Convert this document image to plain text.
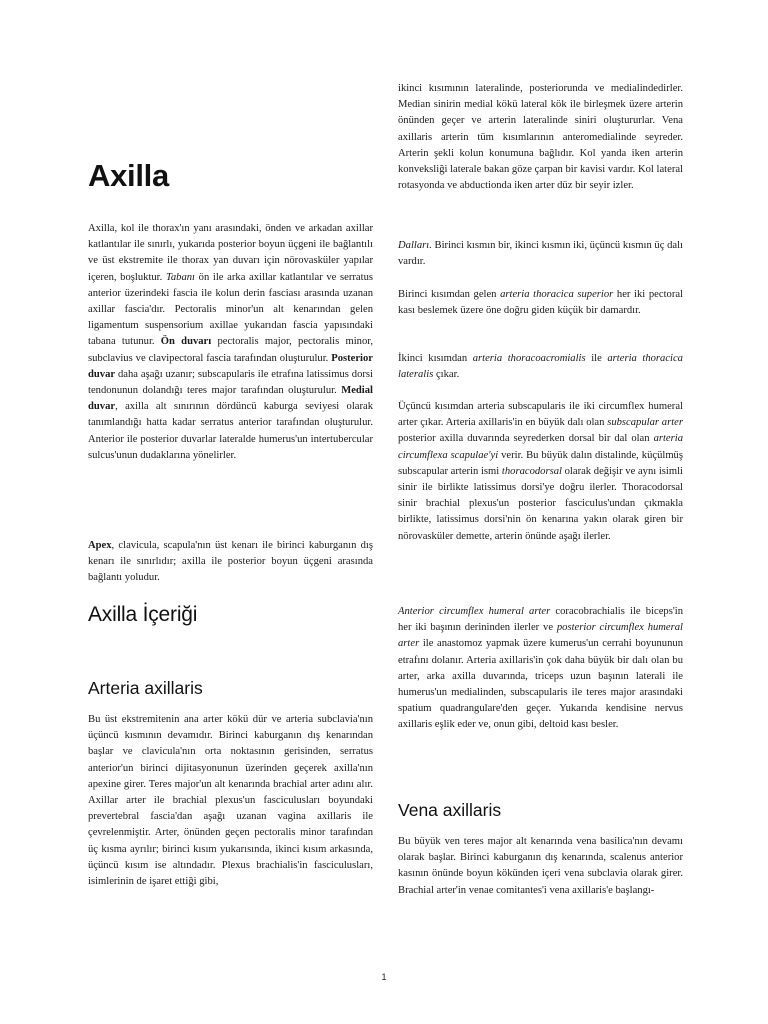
Axilla

Axilla, kol ile thorax'ın yanı arasındaki, önden ve arkadan axillar katlantılar ile sınırlı, yukarıda posterior boyun üçgeni ile bağlantılı ve üst ekstremite ile thorax yan duvarı için nörovasküler yapılar içeren, boşluktur. Tabanı ön ile arka axillar katlantılar ve serratus anterior üzerindeki fascia ile kolun derin fasciası arasında uzanan axillar fascia'dır. Pectoralis minor'un alt kenarından gelen ligamentum suspensorium axillae yukarıdan fascia yapısındaki tabana tutunur. Ön duvarı pectoralis major, pectoralis minor, subclavius ve clavipectoral fascia tarafından oluşturulur. Posterior duvar daha aşağı uzanır; subscapularis ile etrafına latissimus dorsi tendonunun dolandığı teres major tarafından oluşturulur. Medial duvar, axilla alt sınırının dördüncü kaburga seviyesi olarak tanımlandığı hatta kadar serratus anterior tarafından oluşturulur. Anterior ile posterior duvarlar lateralde humerus'un intertubercular sulcus'unun dudaklarına yönelirler.

Apex, clavicula, scapula'nın üst kenarı ile birinci kaburganın dış kenarı ile sınırlıdır; axilla ile posterior boyun üçgeni arasında bağlantı yoludur.

Axilla İçeriği
Arteria axillaris

Bu üst ekstremitenin ana arter kökü dür ve arteria subclavia'nın üçüncü kısmının devamıdır. Birinci kaburganın dış kenarından başlar ve clavicula'nın orta noktasının gerisinden, serratus anterior'un birinci dijitasyonunun üzerinden geçerek axilla'nın apexine girer. Teres major'un alt kenarında brachial arter adını alır. Axillar arter ile brachial plexus'un fasciculusları boyundaki prevertebral fascia'dan aşağı uzanan vagina axillaris ile çevrelenmiştir. Arter, önünden geçen pectoralis minor tarafından üç kısma ayrılır; birinci kısım yukarısında, ikinci kısım arkasında, üçüncü kısım ise altındadır. Plexus brachialis'in fasciculusları, isimlerinin de işaret ettiği gibi,

ikinci kısımının lateralinde, posteriorunda ve medialindedirler. Median sinirin medial kökü lateral kök ile birleşmek üzere arterin önünden geçer ve arterin lateralinde siniri oluştururlar. Vena axillaris arterin tüm kısımlarının anteromedialinde seyreder. Arterin şekli kolun konumuna bağlıdır. Kol yanda iken arterin konveksliği laterale bakan göze çarpan bir kavisi vardır. Kol lateral rotasyonda ve abductionda iken arter düz bir seyir izler.

Dalları. Birinci kısmın bir, ikinci kısmın iki, üçüncü kısmın üç dalı vardır.

Birinci kısımdan gelen arteria thoracica superior her iki pectoral kası beslemek üzere öne doğru giden küçük bir damardır.

İkinci kısımdan arteria thoracoacromialis ile arteria thoracica lateralis çıkar.

Üçüncü kısımdan arteria subscapularis ile iki circumflex humeral arter çıkar. Arteria axillaris'in en büyük dalı olan subscapular arter posterior axilla duvarında seyrederken dorsal bir dal olan arteria circumflexa scapulae'yi verir. Bu büyük dalın distalinde, küçülmüş subscapular arterin ismi thoracodorsal olarak değişir ve aynı isimli sinir ile birlikte latissimus dorsi'ye doğru ilerler. Thoracodorsal sinir brachial plexus'un posterior fasciculus'undan çıkmakla birlikte, latissimus dorsi'nin ön kenarına yakın olarak giren bir nörovasküler demette, arterin önünde aşağı ilerler.

Anterior circumflex humeral arter coracobrachialis ile biceps'in her iki başının derininden ilerler ve posterior circumflex humeral arter ile anastomoz yapmak üzere kumerus'un cerrahi boyununun etrafını dolanır. Arteria axillaris'in çok daha büyük bir dalı olan bu arter, arka axilla duvarında, triceps uzun başının laterali ile humerus'un medialinden, subscapularis ile teres major arasındaki spatium quadrangulare'den geçer. Yukarıda kendisine nervus axillaris eşlik eder ve, onun gibi, deltoid kası besler.

Vena axillaris

Bu büyük ven teres major alt kenarında vena basilica'nın devamı olarak başlar. Birinci kaburganın dış kenarında, scalenus anterior kasının önünde boyun kökünden içeri vena subclavia olarak girer. Brachial arter'in venae comitantes'i vena axillaris'e başlangı-

1
